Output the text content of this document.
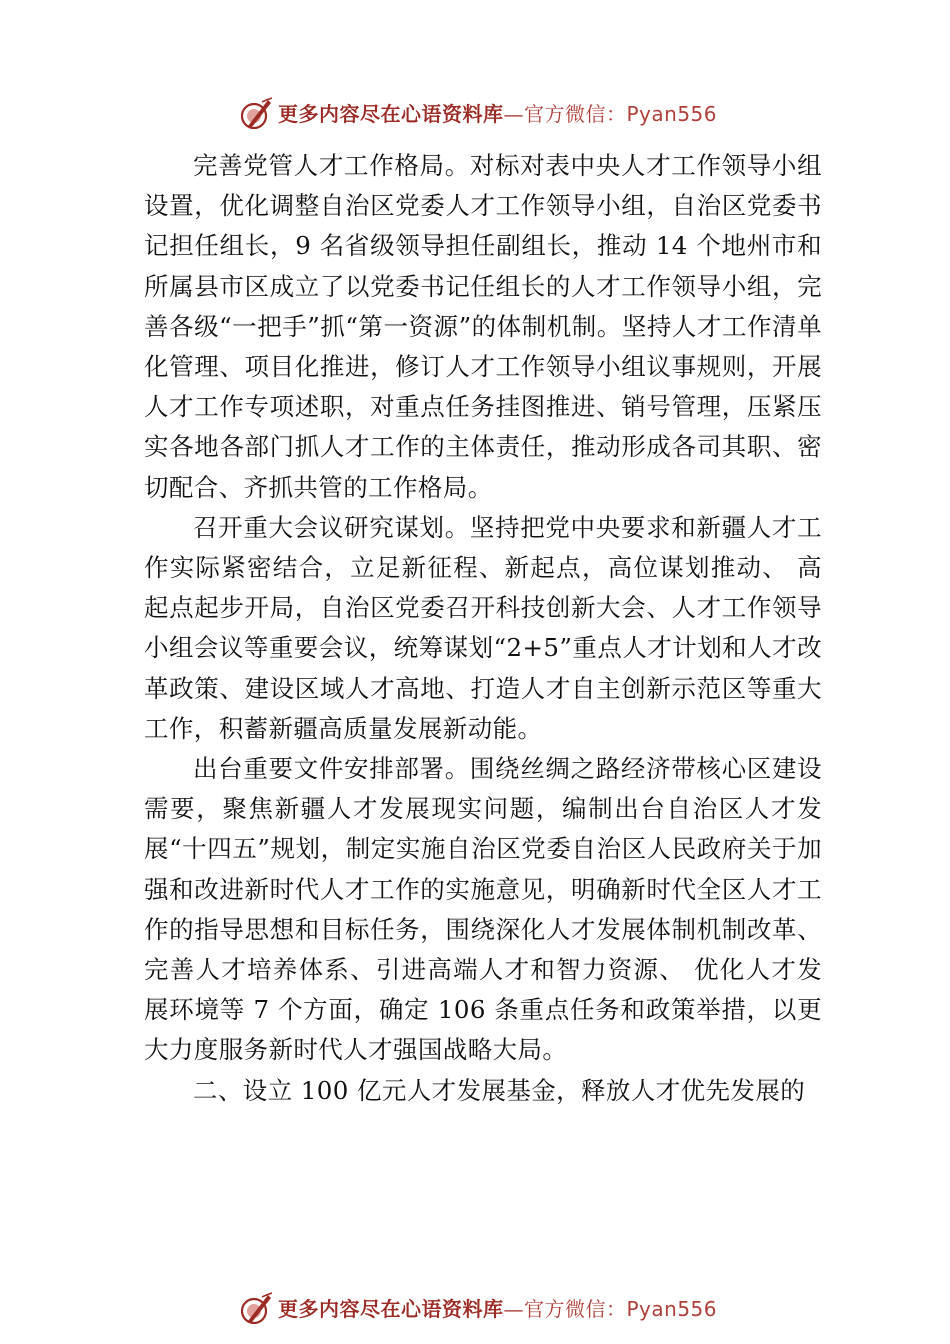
更多内容尽在心语资料库—官方微信：Pyan556

完善党管人才工作格局。对标对表中央人才工作领导小组设置，优化调整自治区党委人才工作领导小组，自治区党委书记担任组长，9 名省级领导担任副组长，推动 14 个地州市和所属县市区成立了以党委书记任组长的人才工作领导小组，完善各级“一把手”抓“第一资源”的体制机制。坚持人才工作清单化管理、项目化推进，修订人才工作领导小组议事规则，开展人才工作专项述职，对重点任务挂图推进、销号管理，压紧压实各地各部门抓人才工作的主体责任，推动形成各司其职、密切配合、齐抓共管的工作格局。

召开重大会议研究谋划。坚持把党中央要求和新疆人才工作实际紧密结合，立足新征程、新起点，高位谋划推动、 高起点起步开局，自治区党委召开科技创新大会、人才工作领导小组会议等重要会议，统筹谋划“2+5”重点人才计划和人才改革政策、建设区域人才高地、打造人才自主创新示范区等重大工作，积蓄新疆高质量发展新动能。

出台重要文件安排部署。围绕丝绸之路经济带核心区建设需要，聚焦新疆人才发展现实问题，编制出台自治区人才发展“十四五”规划，制定实施自治区党委自治区人民政府关于加强和改进新时代人才工作的实施意见，明确新时代全区人才工作的指导思想和目标任务，围绕深化人才发展体制机制改革、完善人才培养体系、引进高端人才和智力资源、 优化人才发展环境等 7 个方面，确定 106 条重点任务和政策举措，以更大力度服务新时代人才强国战略大局。

二、设立 100 亿元人才发展基金，释放人才优先发展的

更多内容尽在心语资料库—官方微信：Pyan556
